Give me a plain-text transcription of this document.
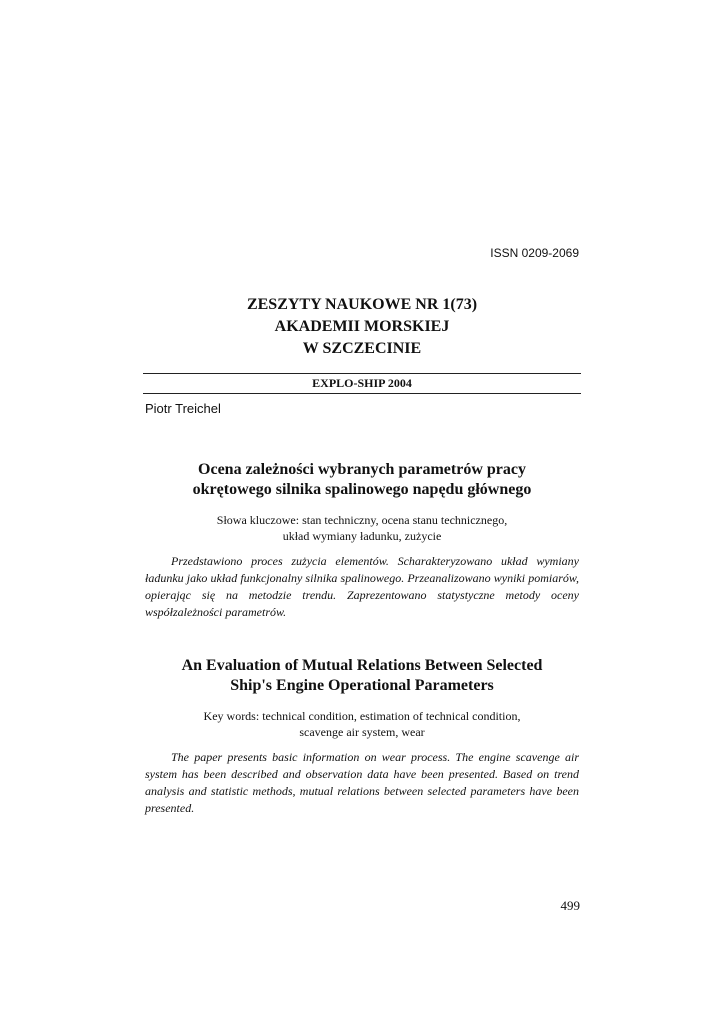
ISSN 0209-2069
ZESZYTY NAUKOWE NR 1(73)
AKADEMII MORSKIEJ
W SZCZECINIE
EXPLO-SHIP 2004
Piotr Treichel
Ocena zależności wybranych parametrów pracy
okrętowego silnika spalinowego napędu głównego
Słowa kluczowe: stan techniczny, ocena stanu technicznego,
układ wymiany ładunku, zużycie
Przedstawiono proces zużycia elementów. Scharakteryzowano układ wymiany ładunku jako układ funkcjonalny silnika spalinowego. Przeanalizowano wyniki pomiarów, opierając się na metodzie trendu. Zaprezentowano statystyczne metody oceny współzależności parametrów.
An Evaluation of Mutual Relations Between Selected
Ship's Engine Operational Parameters
Key words: technical condition, estimation of technical condition,
scavenge air system, wear
The paper presents basic information on wear process. The engine scavenge air system has been described and observation data have been presented. Based on trend analysis and statistic methods, mutual relations between selected parameters have been presented.
499
